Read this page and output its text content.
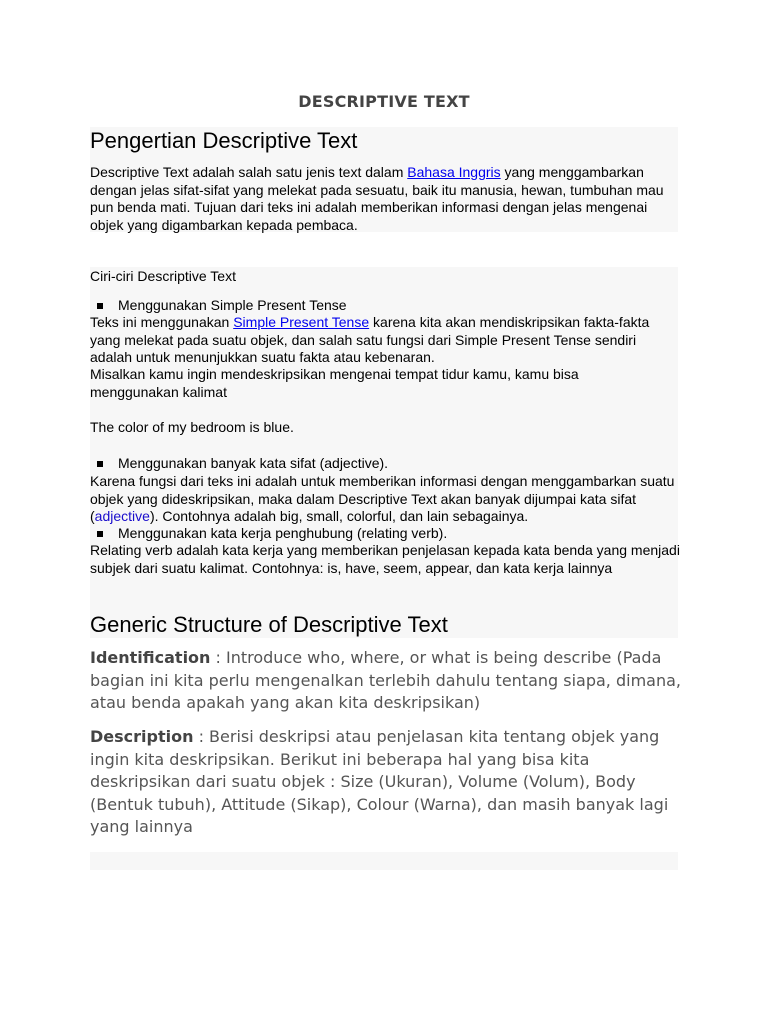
DESCRIPTIVE TEXT
Pengertian Descriptive Text
Descriptive Text adalah salah satu jenis text dalam Bahasa Inggris yang menggambarkan dengan jelas sifat-sifat yang melekat pada sesuatu, baik itu manusia, hewan, tumbuhan mau pun benda mati. Tujuan dari teks ini adalah memberikan informasi dengan jelas mengenai objek yang digambarkan kepada pembaca.
Ciri-ciri Descriptive Text
Menggunakan Simple Present Tense
Teks ini menggunakan Simple Present Tense karena kita akan mendiskripsikan fakta-fakta yang melekat pada suatu objek, dan salah satu fungsi dari Simple Present Tense sendiri adalah untuk menunjukkan suatu fakta atau kebenaran.
Misalkan kamu ingin mendeskripsikan mengenai tempat tidur kamu, kamu bisa menggunakan kalimat
The color of my bedroom is blue.
Menggunakan banyak kata sifat (adjective).
Karena fungsi dari teks ini adalah untuk memberikan informasi dengan menggambarkan suatu objek yang dideskripsikan, maka dalam Descriptive Text akan banyak dijumpai kata sifat (adjective). Contohnya adalah big, small, colorful, dan lain sebagainya.
Menggunakan kata kerja penghubung (relating verb).
Relating verb adalah kata kerja yang memberikan penjelasan kepada kata benda yang menjadi subjek dari suatu kalimat. Contohnya: is, have, seem, appear, dan kata kerja lainnya
Generic Structure of Descriptive Text
Identification : Introduce who, where, or what is being describe (Pada bagian ini kita perlu mengenalkan terlebih dahulu tentang siapa, dimana, atau benda apakah yang akan kita deskripsikan)
Description : Berisi deskripsi atau penjelasan kita tentang objek yang ingin kita deskripsikan. Berikut ini beberapa hal yang bisa kita deskripsikan dari suatu objek : Size (Ukuran), Volume (Volum), Body (Bentuk tubuh), Attitude (Sikap), Colour (Warna), dan masih banyak lagi yang lainnya
